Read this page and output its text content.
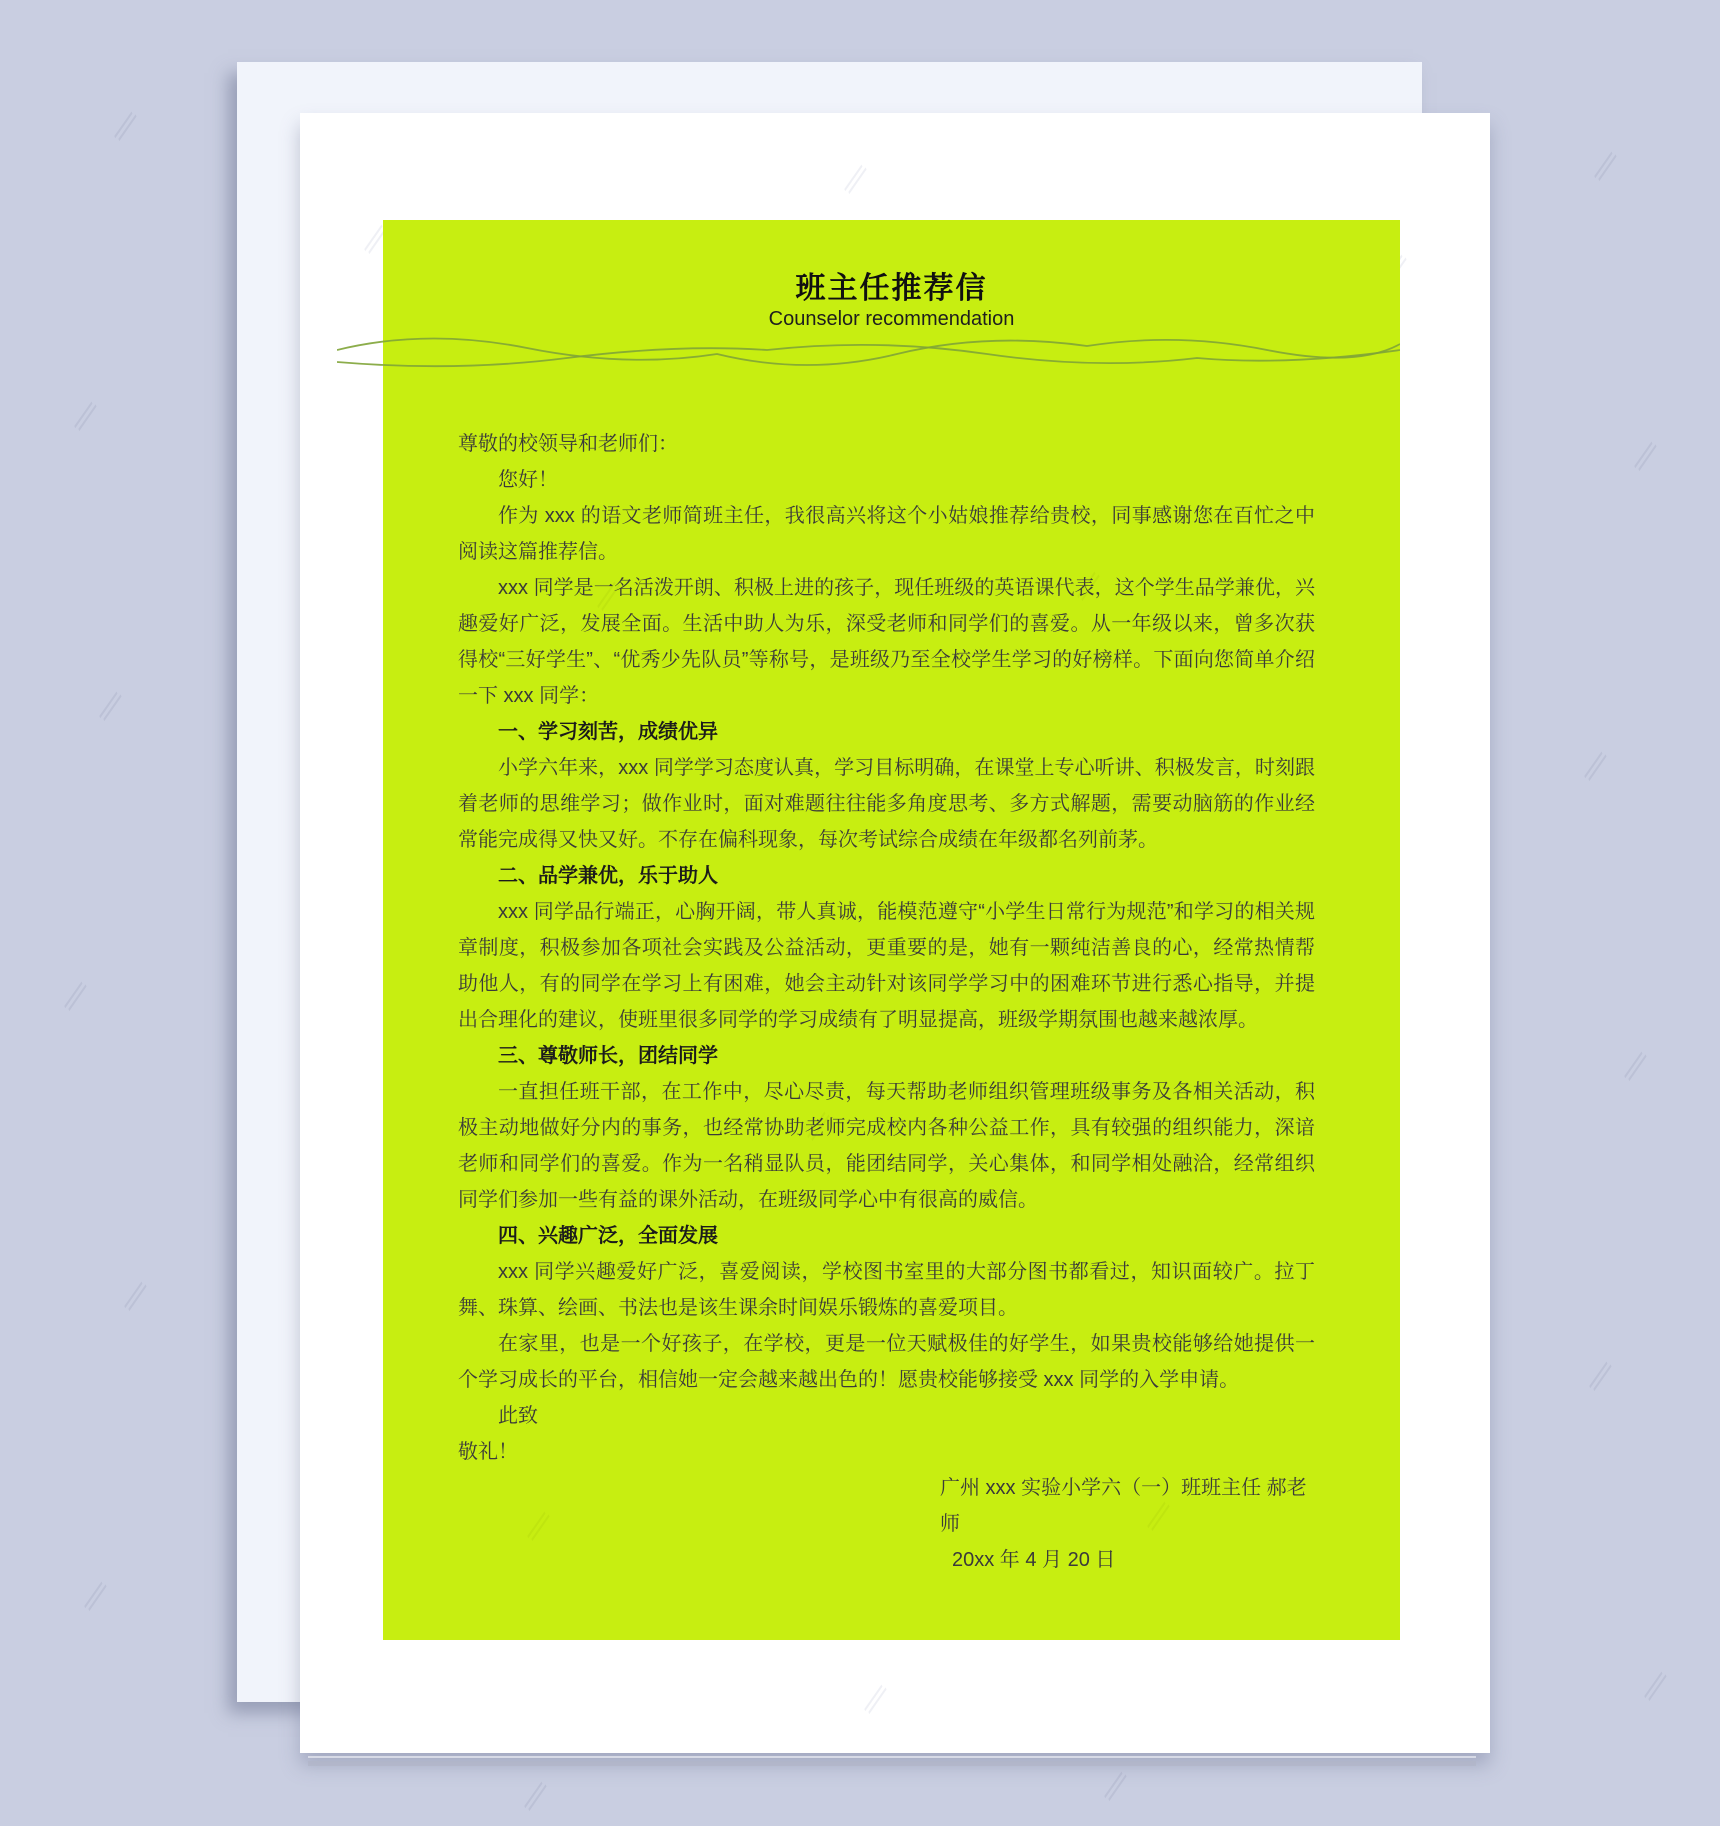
班主任推荐信
Counselor recommendation

尊敬的校领导和老师们：

您好！

作为 xxx 的语文老师简班主任，我很高兴将这个小姑娘推荐给贵校，同事感谢您在百忙之中阅读这篇推荐信。

xxx 同学是一名活泼开朗、积极上进的孩子，现任班级的英语课代表，这个学生品学兼优，兴趣爱好广泛，发展全面。生活中助人为乐，深受老师和同学们的喜爱。从一年级以来，曾多次获得校“三好学生”、“优秀少先队员”等称号，是班级乃至全校学生学习的好榜样。下面向您简单介绍一下 xxx 同学：

一、学习刻苦，成绩优异

小学六年来，xxx 同学学习态度认真，学习目标明确，在课堂上专心听讲、积极发言，时刻跟着老师的思维学习；做作业时，面对难题往往能多角度思考、多方式解题，需要动脑筋的作业经常能完成得又快又好。不存在偏科现象，每次考试综合成绩在年级都名列前茅。

二、品学兼优，乐于助人

xxx 同学品行端正，心胸开阔，带人真诚，能模范遵守“小学生日常行为规范”和学习的相关规章制度，积极参加各项社会实践及公益活动，更重要的是，她有一颗纯洁善良的心，经常热情帮助他人，有的同学在学习上有困难，她会主动针对该同学学习中的困难环节进行悉心指导，并提出合理化的建议，使班里很多同学的学习成绩有了明显提高，班级学期氛围也越来越浓厚。

三、尊敬师长，团结同学

一直担任班干部，在工作中，尽心尽责，每天帮助老师组织管理班级事务及各相关活动，积极主动地做好分内的事务，也经常协助老师完成校内各种公益工作，具有较强的组织能力，深谙老师和同学们的喜爱。作为一名稍显队员，能团结同学，关心集体，和同学相处融洽，经常组织同学们参加一些有益的课外活动，在班级同学心中有很高的威信。

四、兴趣广泛，全面发展

xxx 同学兴趣爱好广泛，喜爱阅读，学校图书室里的大部分图书都看过，知识面较广。拉丁舞、珠算、绘画、书法也是该生课余时间娱乐锻炼的喜爱项目。

在家里，也是一个好孩子，在学校，更是一位天赋极佳的好学生，如果贵校能够给她提供一个学习成长的平台，相信她一定会越来越出色的！愿贵校能够接受 xxx 同学的入学申请。

此致

敬礼！

广州 xxx 实验小学六（一）班班主任 郝老师

20xx 年 4 月 20 日
